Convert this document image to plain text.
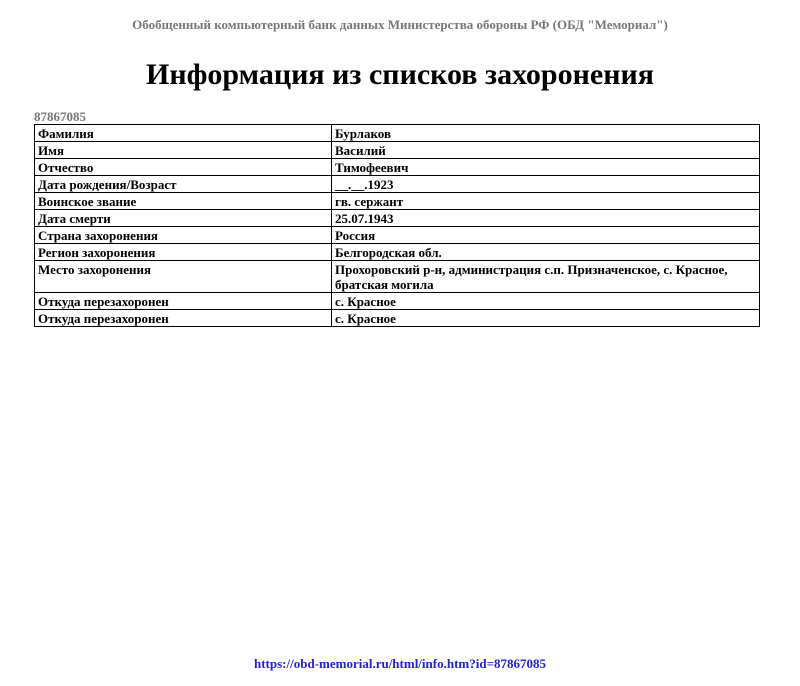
Обобщенный компьютерный банк данных Министерства обороны РФ (ОБД "Мемориал")
Информация из списков захоронения
87867085
Фамилия	Бурлаков
Имя	Василий
Отчество	Тимофеевич
Дата рождения/Возраст	__.__.1923
Воинское звание	гв. сержант
Дата смерти	25.07.1943
Страна захоронения	Россия
Регион захоронения	Белгородская обл.
Место захоронения	Прохоровский р-н, администрация с.п. Призначенское, с. Красное, братская могила
Откуда перезахоронен	с. Красное
Откуда перезахоронен	с. Красное
https://obd-memorial.ru/html/info.htm?id=87867085
